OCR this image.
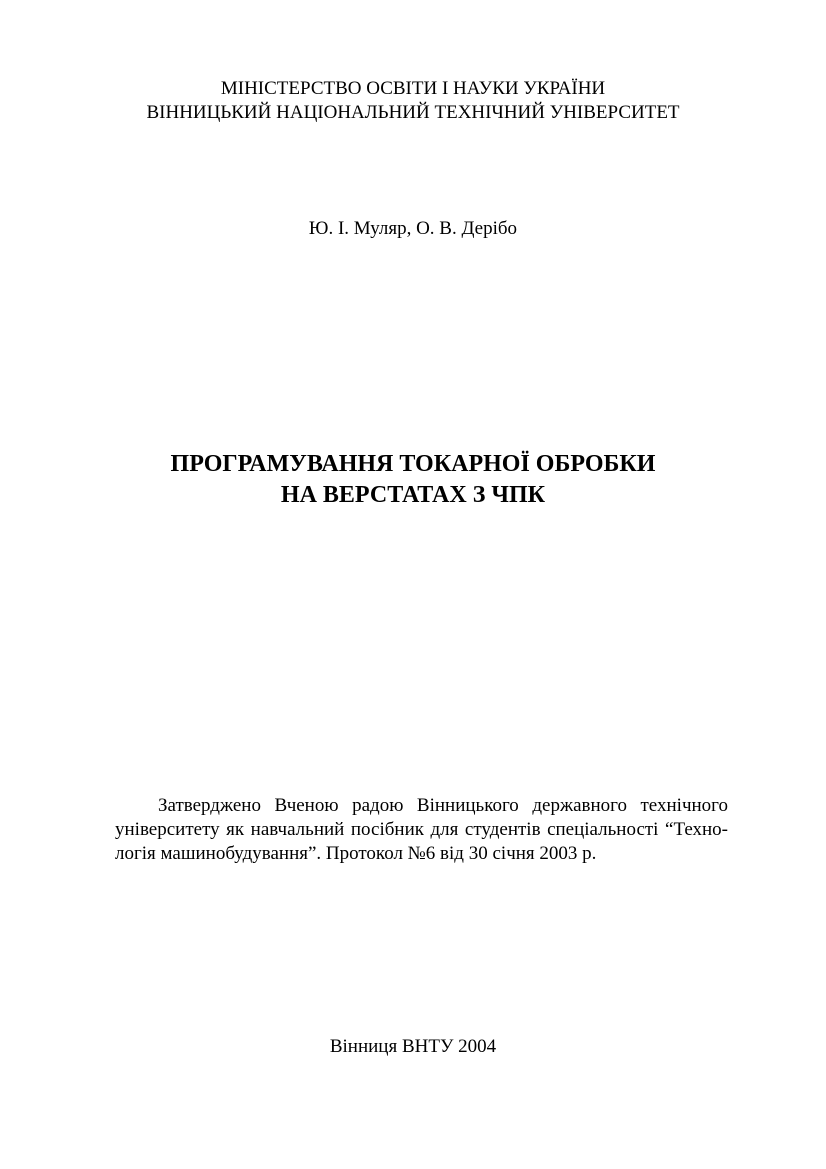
МІНІСТЕРСТВО ОСВІТИ І НАУКИ УКРАЇНИ
ВІННИЦЬКИЙ НАЦІОНАЛЬНИЙ ТЕХНІЧНИЙ УНІВЕРСИТЕТ
Ю. І. Муляр, О. В. Дерібо
ПРОГРАМУВАННЯ ТОКАРНОЇ ОБРОБКИ
НА ВЕРСТАТАХ З ЧПК

Затверджено Вченою радою Вінницького державного технічного університету як навчальний посібник для студентів спеціальності “Техно-логія машинобудування”. Протокол №6 від 30 січня 2003 р.

Вінниця ВНТУ 2004
